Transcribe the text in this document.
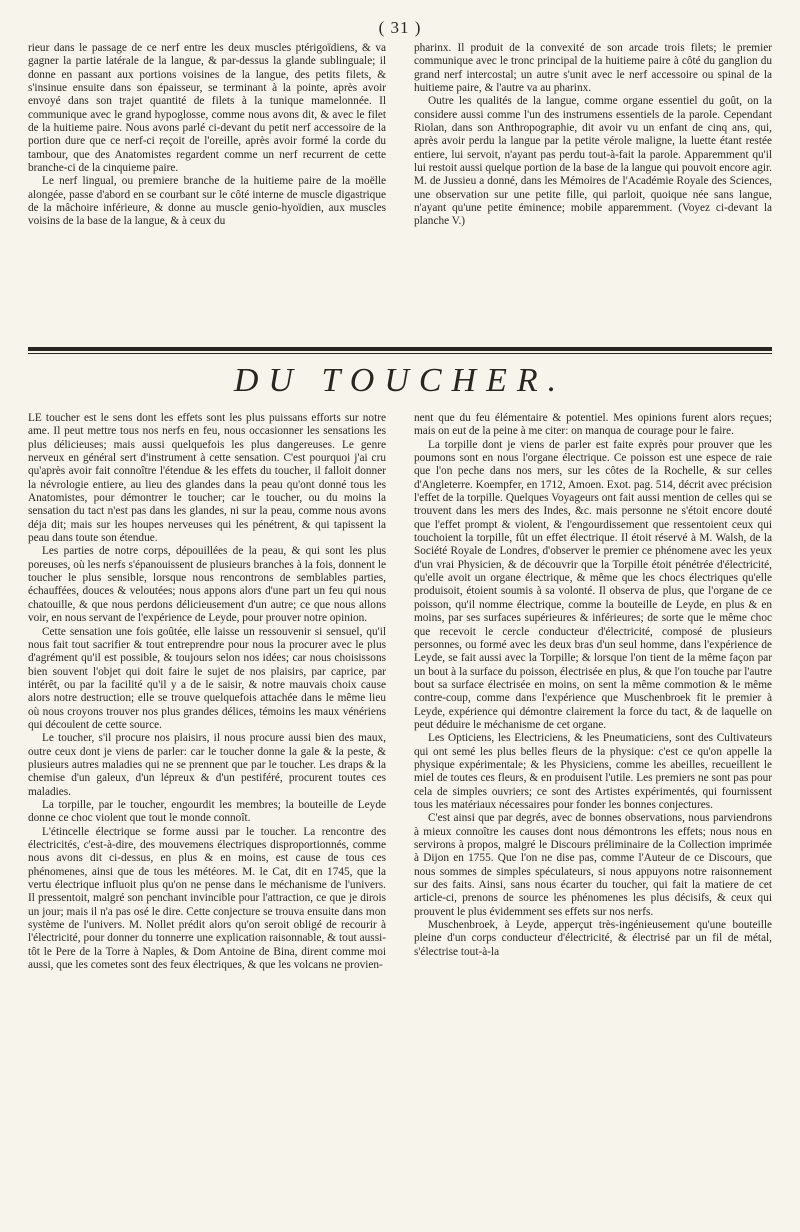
( 31 )

rieur dans le passage de ce nerf entre les deux muscles ptérigoïdiens, & va gagner la partie latérale de la langue, & par-dessus la glande sublinguale; il donne en passant aux portions voisines de la langue, des petits filets, & s'insinue ensuite dans son épaisseur, se terminant à la pointe, après avoir envoyé dans son trajet quantité de filets à la tunique mamelonnée. Il communique avec le grand hypoglosse, comme nous avons dit, & avec le filet de la huitieme paire. Nous avons parlé ci-devant du petit nerf accessoire de la portion dure que ce nerf-ci reçoit de l'oreille, après avoir formé la corde du tambour, que des Anatomistes regardent comme un nerf recurrent de cette branche-ci de la cinquieme paire.

Le nerf lingual, ou premiere branche de la huitieme paire de la moëlle alongée, passe d'abord en se courbant sur le côté interne de muscle digastrique de la mâchoire inférieure, & donne au muscle genio-hyoïdien, aux muscles voisins de la base de la langue, & à ceux du

pharinx. Il produit de la convexité de son arcade trois filets; le premier communique avec le tronc principal de la huitieme paire à côté du ganglion du grand nerf intercostal; un autre s'unit avec le nerf accessoire ou spinal de la huitieme paire, & l'autre va au pharinx.

Outre les qualités de la langue, comme organe essentiel du goût, on la considere aussi comme l'un des instrumens essentiels de la parole. Cependant Riolan, dans son Anthropographie, dit avoir vu un enfant de cinq ans, qui, après avoir perdu la langue par la petite vérole maligne, la luette étant restée entiere, lui servoit, n'ayant pas perdu tout-à-fait la parole. Apparemment qu'il lui restoit aussi quelque portion de la base de la langue qui pouvoit encore agir. M. de Jussieu a donné, dans les Mémoires de l'Académie Royale des Sciences, une observation sur une petite fille, qui parloit, quoique née sans langue, n'ayant qu'une petite éminence; mobile apparemment. (Voyez ci-devant la planche V.)

DU TOUCHER.

LE toucher est le sens dont les effets sont les plus puissans efforts sur notre ame. Il peut mettre tous nos nerfs en feu, nous occasionner les sensations les plus délicieuses; mais aussi quelquefois les plus dangereuses. Le genre nerveux en général sert d'instrument à cette sensation. C'est pourquoi j'ai cru qu'après avoir fait connoître l'étendue & les effets du toucher, il falloit donner la névrologie entiere, au lieu des glandes dans la peau qu'ont donné tous les Anatomistes, pour démontrer le toucher; car le toucher, ou du moins la sensation du tact n'est pas dans les glandes, ni sur la peau, comme nous avons déja dit; mais sur les houpes nerveuses qui les pénétrent, & qui tapissent la peau dans toute son étendue.

Les parties de notre corps, dépouillées de la peau, & qui sont les plus poreuses, où les nerfs s'épanouissent de plusieurs branches à la fois, donnent le toucher le plus sensible, lorsque nous rencontrons de semblables parties, échauffées, douces & veloutées; nous appons alors d'une part un feu qui nous chatouille, & que nous perdons délicieusement d'un autre; ce que nous allons voir, en nous servant de l'expérience de Leyde, pour prouver notre opinion.

Cette sensation une fois goûtée, elle laisse un ressouvenir si sensuel, qu'il nous fait tout sacrifier & tout entreprendre pour nous la procurer avec le plus d'agrément qu'il est possible, & toujours selon nos idées; car nous choisissons bien souvent l'objet qui doit faire le sujet de nos plaisirs, par caprice, par intérêt, ou par la facilité qu'il y a de le saisir, & notre mauvais choix cause alors notre destruction; elle se trouve quelquefois attachée dans le même lieu où nous croyons trouver nos plus grandes délices, témoins les maux vénériens qui découlent de cette source.

Le toucher, s'il procure nos plaisirs, il nous procure aussi bien des maux, outre ceux dont je viens de parler: car le toucher donne la gale & la peste, & plusieurs autres maladies qui ne se prennent que par le toucher. Les draps & la chemise d'un galeux, d'un lépreux & d'un pestiféré, procurent toutes ces maladies.

La torpille, par le toucher, engourdit les membres; la bouteille de Leyde donne ce choc violent que tout le monde connoît.

L'étincelle électrique se forme aussi par le toucher. La rencontre des électricités, c'est-à-dire, des mouvemens électriques disproportionnés, comme nous avons dit ci-dessus, en plus & en moins, est cause de tous ces phénomenes, ainsi que de tous les météores. M. le Cat, dit en 1745, que la vertu électrique influoit plus qu'on ne pense dans le méchanisme de l'univers. Il pressentoit, malgré son penchant invincible pour l'attraction, ce que je dirois un jour; mais il n'a pas osé le dire. Cette conjecture se trouva ensuite dans mon système de l'univers. M. Nollet prédit alors qu'on seroit obligé de recourir à l'électricité, pour donner du tonnerre une explication raisonnable, & tout aussi-tôt le Pere de la Torre à Naples, & Dom Antoine de Bina, dirent comme moi aussi, que les cometes sont des feux électriques, & que les volcans ne provien-

nent que du feu élémentaire & potentiel. Mes opinions furent alors reçues; mais on eut de la peine à me citer: on manqua de courage pour le faire.

La torpille dont je viens de parler est faite exprès pour prouver que les poumons sont en nous l'organe électrique. Ce poisson est une espece de raie que l'on peche dans nos mers, sur les côtes de la Rochelle, & sur celles d'Angleterre. Koempfer, en 1712, Amoen. Exot. pag. 514, décrit avec précision l'effet de la torpille. Quelques Voyageurs ont fait aussi mention de celles qui se trouvent dans les mers des Indes, &c. mais personne ne s'étoit encore douté que l'effet prompt & violent, & l'engourdissement que ressentoient ceux qui touchoient la torpille, fût un effet électrique. Il étoit réservé à M. Walsh, de la Société Royale de Londres, d'observer le premier ce phénomene avec les yeux d'un vrai Physicien, & de découvrir que la Torpille étoit pénétrée d'électricité, qu'elle avoit un organe électrique, & même que les chocs électriques qu'elle produisoit, étoient soumis à sa volonté. Il observa de plus, que l'organe de ce poisson, qu'il nomme électrique, comme la bouteille de Leyde, en plus & en moins, par ses surfaces supérieures & inférieures; de sorte que le même choc que recevoit le cercle conducteur d'électricité, composé de plusieurs personnes, ou formé avec les deux bras d'un seul homme, dans l'expérience de Leyde, se fait aussi avec la Torpille; & lorsque l'on tient de la même façon par un bout à la surface du poisson, électrisée en plus, & que l'on touche par l'autre bout sa surface électrisée en moins, on sent la même commotion & le même contre-coup, comme dans l'expérience que Muschenbroek fit le premier à Leyde, expérience qui démontre clairement la force du tact, & de laquelle on peut déduire le méchanisme de cet organe.

Les Opticiens, les Electriciens, & les Pneumaticiens, sont des Cultivateurs qui ont semé les plus belles fleurs de la physique: c'est ce qu'on appelle la physique expérimentale; & les Physiciens, comme les abeilles, recueillent le miel de toutes ces fleurs, & en produisent l'utile. Les premiers ne sont pas pour cela de simples ouvriers; ce sont des Artistes expérimentés, qui fournissent tous les matériaux nécessaires pour fonder les bonnes conjectures.

C'est ainsi que par degrés, avec de bonnes observations, nous parviendrons à mieux connoître les causes dont nous démontrons les effets; nous nous en servirons à propos, malgré le Discours préliminaire de la Collection imprimée à Dijon en 1755. Que l'on ne dise pas, comme l'Auteur de ce Discours, que nous sommes de simples spéculateurs, si nous appuyons notre raisonnement sur des faits. Ainsi, sans nous écarter du toucher, qui fait la matiere de cet article-ci, prenons de source les phénomenes les plus décisifs, & ceux qui prouvent le plus évidemment ses effets sur nos nerfs.

Muschenbroek, à Leyde, apperçut très-ingénieusement qu'une bouteille pleine d'un corps conducteur d'électricité, & électrisé par un fil de métal, s'électrise tout-à-la
